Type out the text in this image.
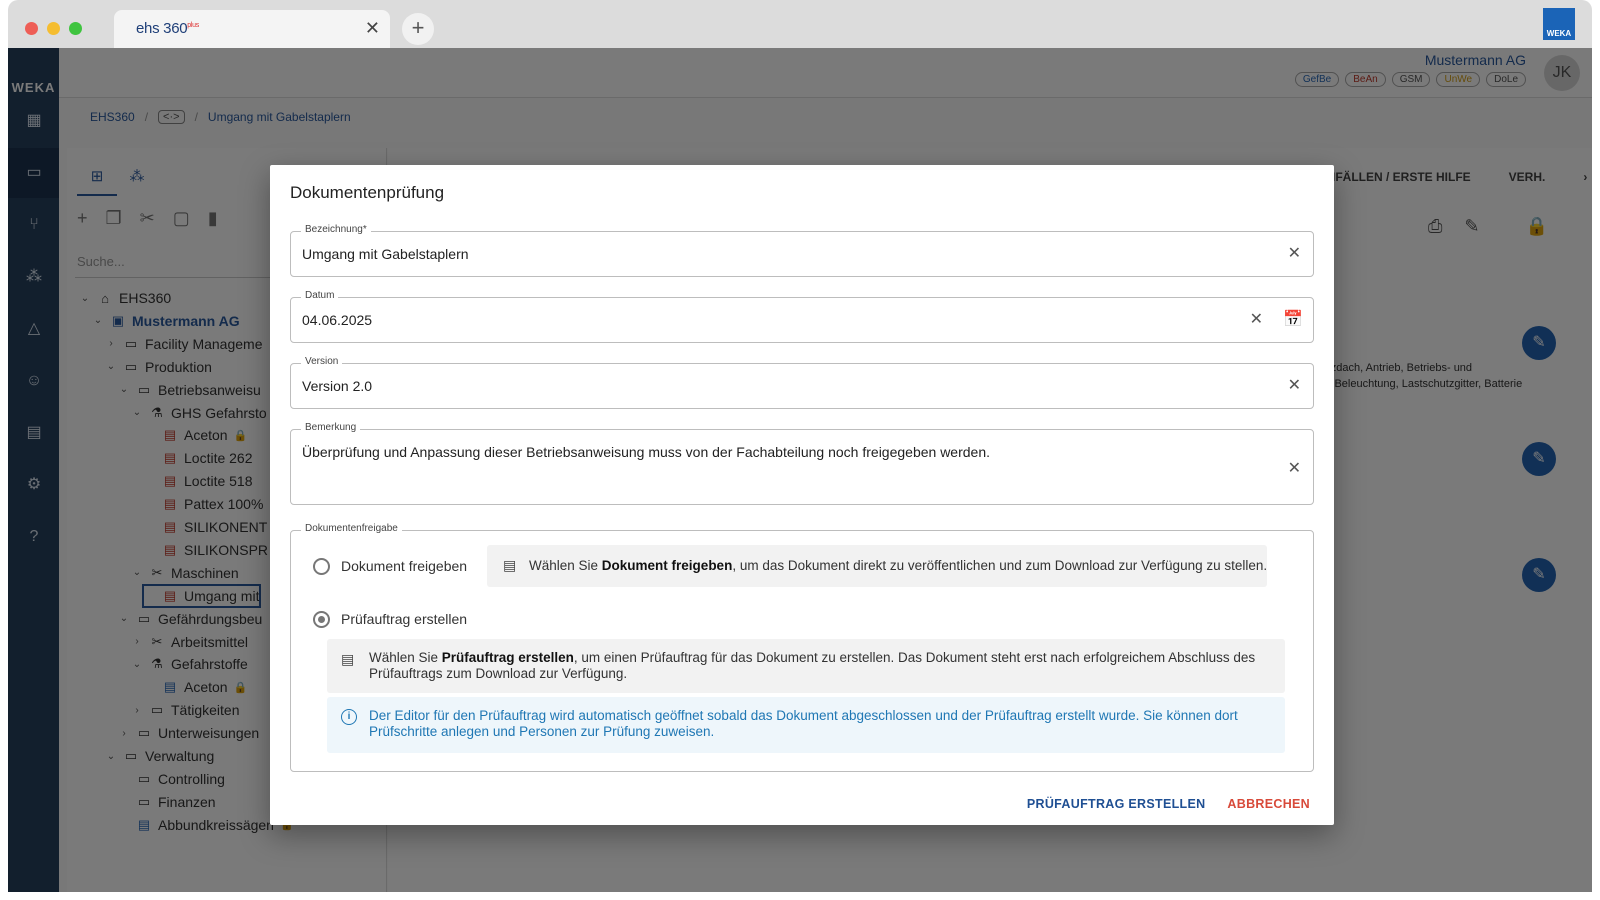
ehs $360^{plus}$	✕	+	WEKA
Dokumentenprüfung
Bezeichnung*
Umgang mit Gabelstaplern	✕
Datum
04.06.2025	✕ 📅
Version
Version 2.0	✕
Bemerkung
Überprüfung und Anpassung dieser Betriebsanweisung muss von der Fachabteilung noch freigegeben werden.
✕
Dokumentenfreigabe
Dokument freigeben	▤ Wählen Sie Dokument freigeben, um das Dokument direkt zu veröffentlichen und zum Download zur Verfügung zu stellen.
Prüfauftrag erstellen
▤ Wählen Sie Prüfauftrag erstellen, um einen Prüfauftrag für das Dokument zu erstellen. Das Dokument steht erst nach erfolgreichem Abschluss des Prüfauftrags zum Download zur Verfügung.
i	Der Editor für den Prüfauftrag wird automatisch geöffnet sobald das Dokument abgeschlossen und der Prüfauftrag erstellt wurde. Sie können dort Prüfschritte anlegen und Personen zur Prüfung zuweisen.
PRÜFAUFTRAG ERSTELLEN ABBRECHEN
